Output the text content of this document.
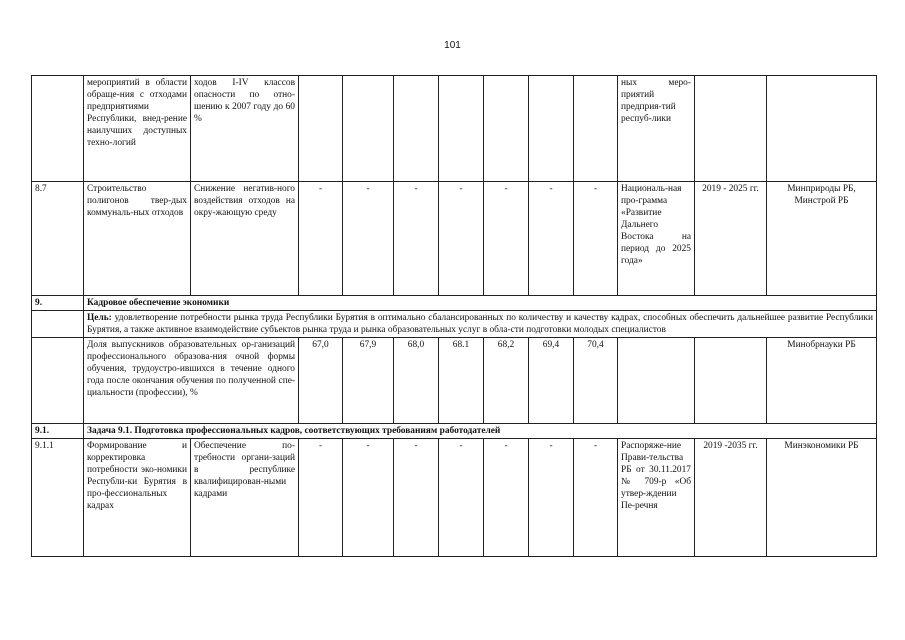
101
	мероприятий в области обраще-ния с отходами предприятиями Республики, внед-рение наилучших доступных техно-логий	ходов I-IV классов опасности по отно-шению к 2007 году до 60 %								ных меро-приятий предприя-тий респуб-лики		
8.7	Строительство полигонов твер-дых коммуналь-ных отходов	Снижение негатив-ного воздействия отходов на окру-жающую среду	-	-	-	-	-	-	-	Националь-ная про-грамма «Развитие Дальнего Востока на период до 2025 года»	2019 - 2025 гг.	Минприроды РБ, Минстрой РБ
9.	Кадровое обеспечение экономики											
	Цель: удовлетворение потребности рынка труда Республики Бурятия в оптимально сбалансированных по количеству и качеству кадрах, способных обеспечить дальнейшее развитие Республики Бурятия, а также активное взаимодействие субъектов рынка труда и рынка образовательных услуг в обла-сти подготовки молодых специалистов											
	Доля выпускников образовательных ор-ганизаций профессионального образова-ния очной формы обучения, трудоустро-ившихся в течение одного года после окончания обучения по полученной спе-циальности (профессии), %		67,0	67,9	68,0	68.1	68,2	69,4	70,4			Минобрнауки РБ
9.1.	Задача 9.1. Подготовка профессиональных кадров, соответствующих требованиям работодателей											
9.1.1	Формирование и корректировка потребности эко-номики Республи-ки Бурятия в про-фессиональных кадрах	Обеспечение по-требности органи-заций в республике квалифицирован-ными кадрами	-	-	-	-	-	-	-	Распоряже-ние Прави-тельства РБ от 30.11.2017 № 709-р «Об утвер-ждении Пе-речня	2019 -2035 гг.	Минэкономики РБ
